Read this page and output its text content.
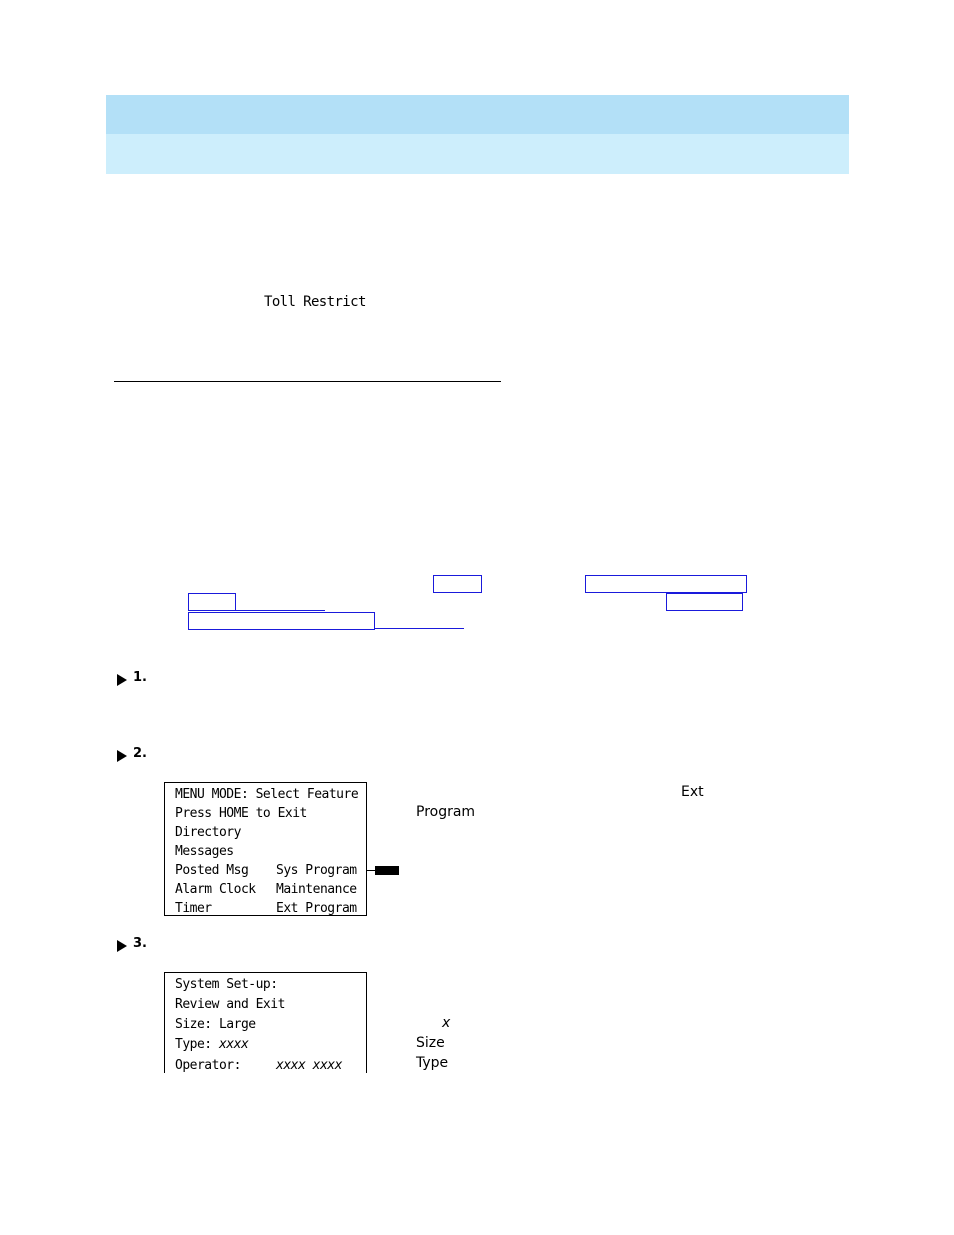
Toll Restrict
1.
2.
MENU MODE: Select Feature
Press HOME to Exit
Directory
Messages
Posted Msg Sys Program
Alarm Clock Maintenance
Timer	Ext Program
Ext
Program
3.
System Set-up:
Review and Exit
Size: Large
Type: xxxx
Operator:	xxxx xxxx
x
Size
Type
